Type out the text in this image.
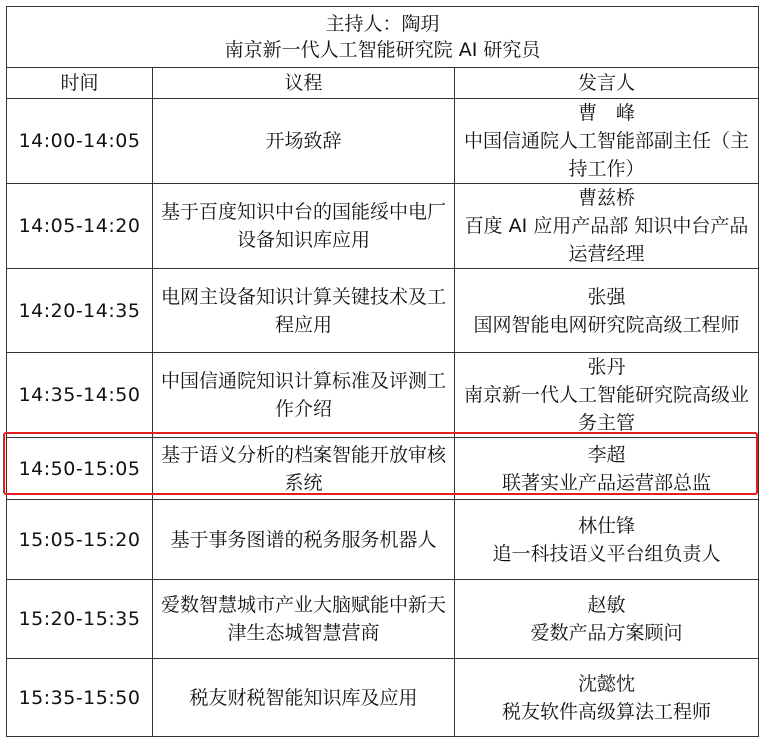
主持人：陶玥
南京新一代人工智能研究院 AI 研究员		

时间	议程	发言人
14:00-14:05	开场致辞	曹　峰
中国信通院人工智能部副主任（主持工作）

14:05-14:20	基于百度知识中台的国能绥中电厂设备知识库应用	曹兹桥
百度 AI 应用产品部 知识中台产品运营经理

14:20-14:35	电网主设备知识计算关键技术及工程应用	张强
国网智能电网研究院高级工程师

14:35-14:50	中国信通院知识计算标准及评测工作介绍	张丹
南京新一代人工智能研究院高级业务主管

14:50-15:05	基于语义分析的档案智能开放审核系统	李超
联著实业产品运营部总监

15:05-15:20	基于事务图谱的税务服务机器人	林仕锋
追一科技语义平台组负责人

15:20-15:35	爱数智慧城市产业大脑赋能中新天津生态城智慧营商	赵敏
爱数产品方案顾问

15:35-15:50	税友财税智能知识库及应用	沈懿忱
税友软件高级算法工程师
